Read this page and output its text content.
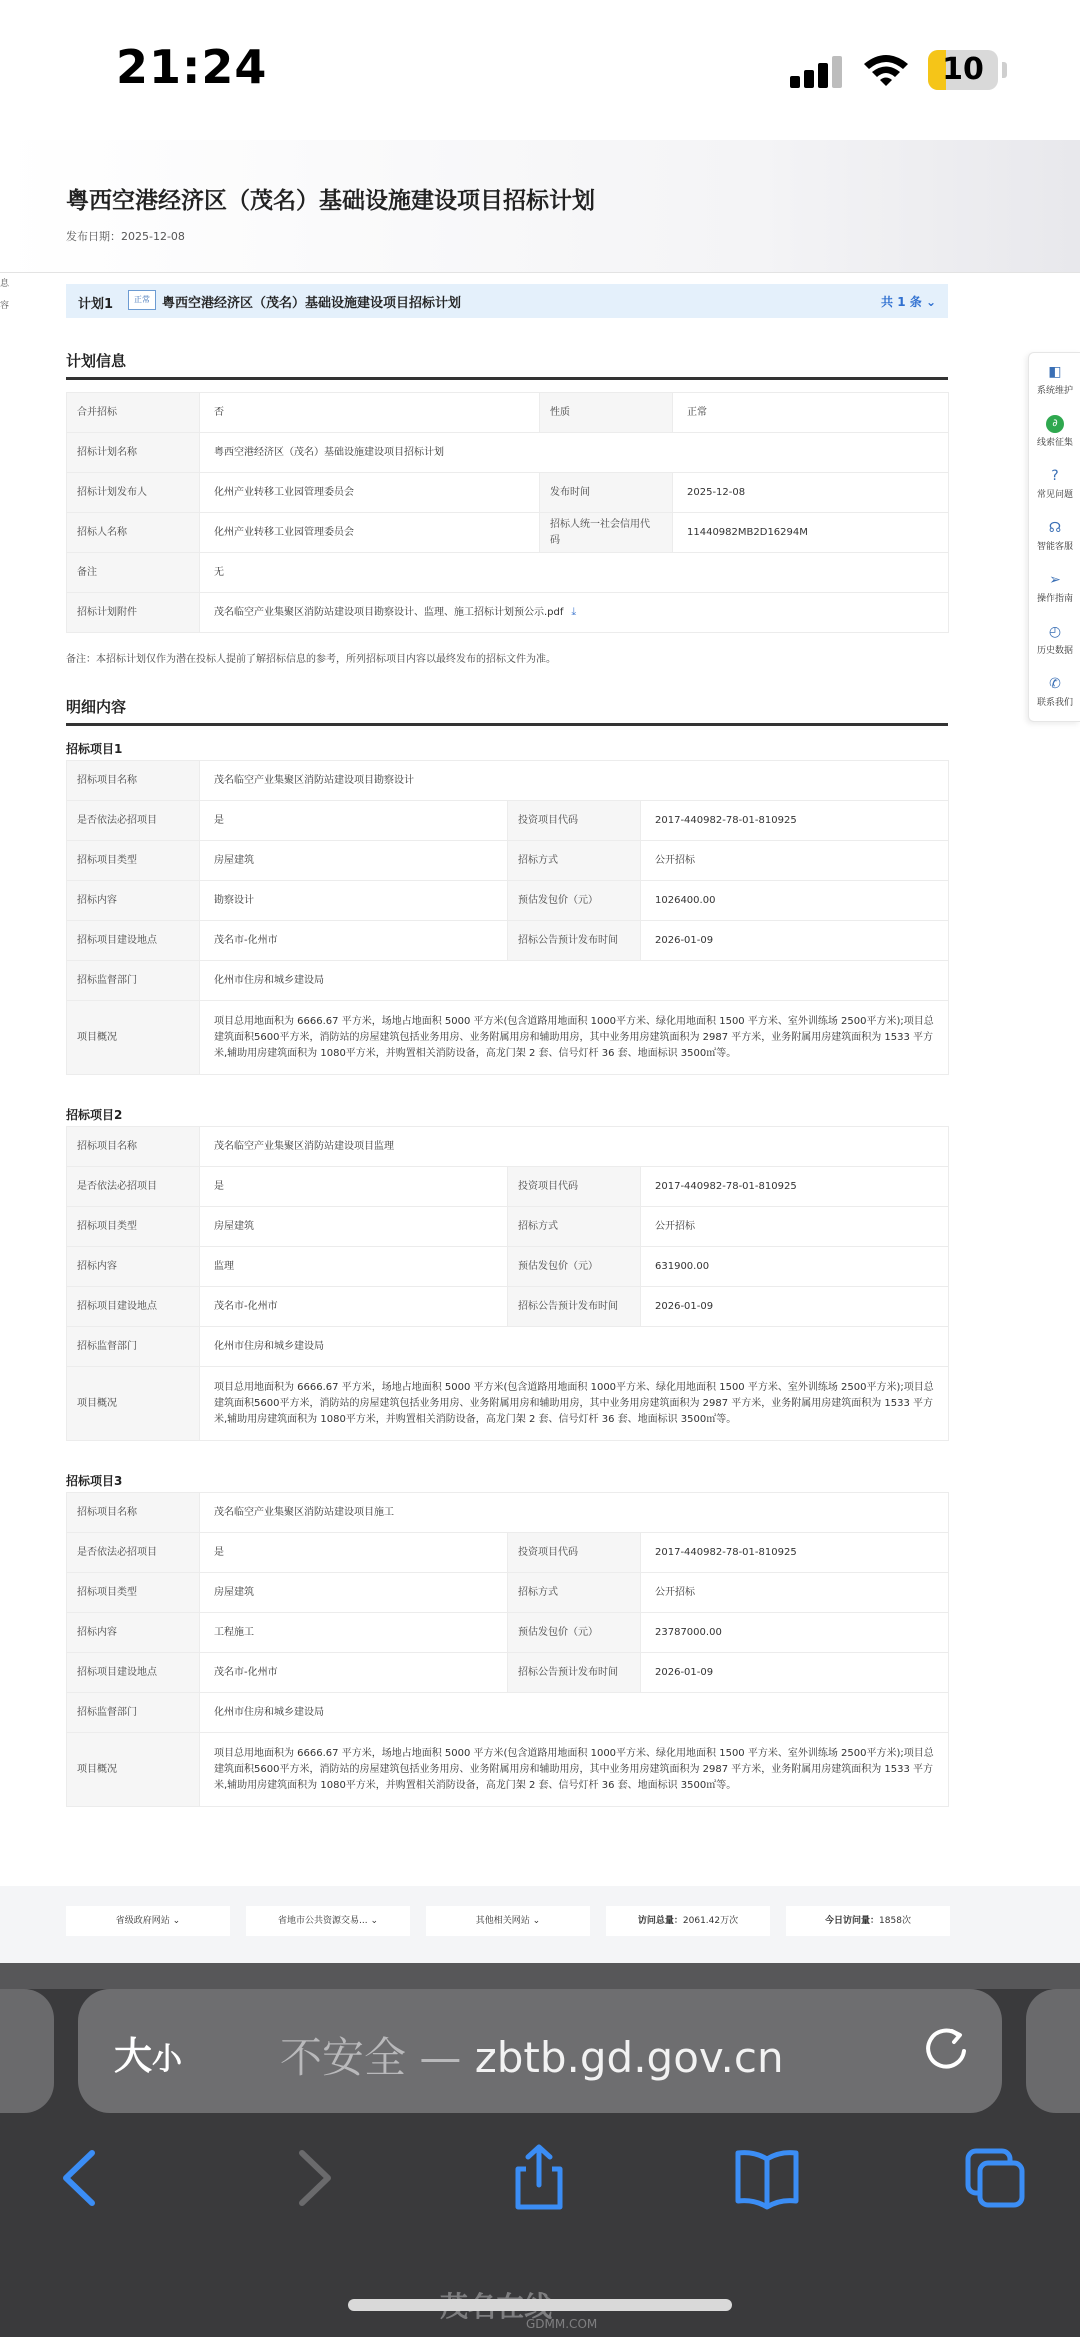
21:24	10
粤西空港经济区（茂名）基础设施建设项目招标计划
发布日期：2025-12-08
息
容	计划1	正常 粤西空港经济区（茂名）基础设施建设项目招标计划	共 1 条 ⌄
计划信息
合并招标	否	性质	正常
招标计划名称	粤西空港经济区（茂名）基础设施建设项目招标计划		
招标计划发布人	化州产业转移工业园管理委员会	发布时间	2025-12-08
招标人名称	化州产业转移工业园管理委员会	招标人统一社会信用代码	11440982MB2D16294M
备注	无		
招标计划附件	茂名临空产业集聚区消防站建设项目勘察设计、监理、施工招标计划预公示.pdf ⤓		
备注：本招标计划仅作为潜在投标人提前了解招标信息的参考，所列招标项目内容以最终发布的招标文件为准。
明细内容
招标项目1
招标项目名称	茂名临空产业集聚区消防站建设项目勘察设计		
是否依法必招项目	是	投资项目代码	2017-440982-78-01-810925
招标项目类型	房屋建筑	招标方式	公开招标
招标内容	勘察设计	预估发包价（元）	1026400.00
招标项目建设地点	茂名市-化州市	招标公告预计发布时间	2026-01-09
招标监督部门	化州市住房和城乡建设局		
项目概况	项目总用地面积为 6666.67 平方米，场地占地面积 5000 平方米(包含道路用地面积 1000平方米、绿化用地面积 1500 平方米、室外训练场 2500平方米);项目总建筑面积5600平方米，消防站的房屋建筑包括业务用房、业务附属用房和辅助用房，其中业务用房建筑面积为 2987 平方米，业务附属用房建筑面积为 1533 平方米,辅助用房建筑面积为 1080平方米，并购置相关消防设备，高龙门架 2 套、信号灯杆 36 套、地面标识 3500㎡等。		
招标项目2
招标项目名称	茂名临空产业集聚区消防站建设项目监理		
是否依法必招项目	是	投资项目代码	2017-440982-78-01-810925
招标项目类型	房屋建筑	招标方式	公开招标
招标内容	监理	预估发包价（元）	631900.00
招标项目建设地点	茂名市-化州市	招标公告预计发布时间	2026-01-09
招标监督部门	化州市住房和城乡建设局		
项目概况	项目总用地面积为 6666.67 平方米，场地占地面积 5000 平方米(包含道路用地面积 1000平方米、绿化用地面积 1500 平方米、室外训练场 2500平方米);项目总建筑面积5600平方米，消防站的房屋建筑包括业务用房、业务附属用房和辅助用房，其中业务用房建筑面积为 2987 平方米，业务附属用房建筑面积为 1533 平方米,辅助用房建筑面积为 1080平方米，并购置相关消防设备，高龙门架 2 套、信号灯杆 36 套、地面标识 3500㎡等。		
招标项目3
招标项目名称	茂名临空产业集聚区消防站建设项目施工		
是否依法必招项目	是	投资项目代码	2017-440982-78-01-810925
招标项目类型	房屋建筑	招标方式	公开招标
招标内容	工程施工	预估发包价（元）	23787000.00
招标项目建设地点	茂名市-化州市	招标公告预计发布时间	2026-01-09
招标监督部门	化州市住房和城乡建设局		
项目概况	项目总用地面积为 6666.67 平方米，场地占地面积 5000 平方米(包含道路用地面积 1000平方米、绿化用地面积 1500 平方米、室外训练场 2500平方米);项目总建筑面积5600平方米，消防站的房屋建筑包括业务用房、业务附属用房和辅助用房，其中业务用房建筑面积为 2987 平方米，业务附属用房建筑面积为 1533 平方米,辅助用房建筑面积为 1080平方米，并购置相关消防设备，高龙门架 2 套、信号灯杆 36 套、地面标识 3500㎡等。		
◧
系统维护
∂
线索征集
?
常见问题
☊
智能客服
➢
操作指南
◴
历史数据
✆
联系我们
省级政府网站 ⌄	省地市公共资源交易... ⌄	其他相关网站 ⌄	访问总量：2061.42万次	今日访问量：1858次
大小 不安全 — zbtb.gd.gov.cn
GDMM.COM
